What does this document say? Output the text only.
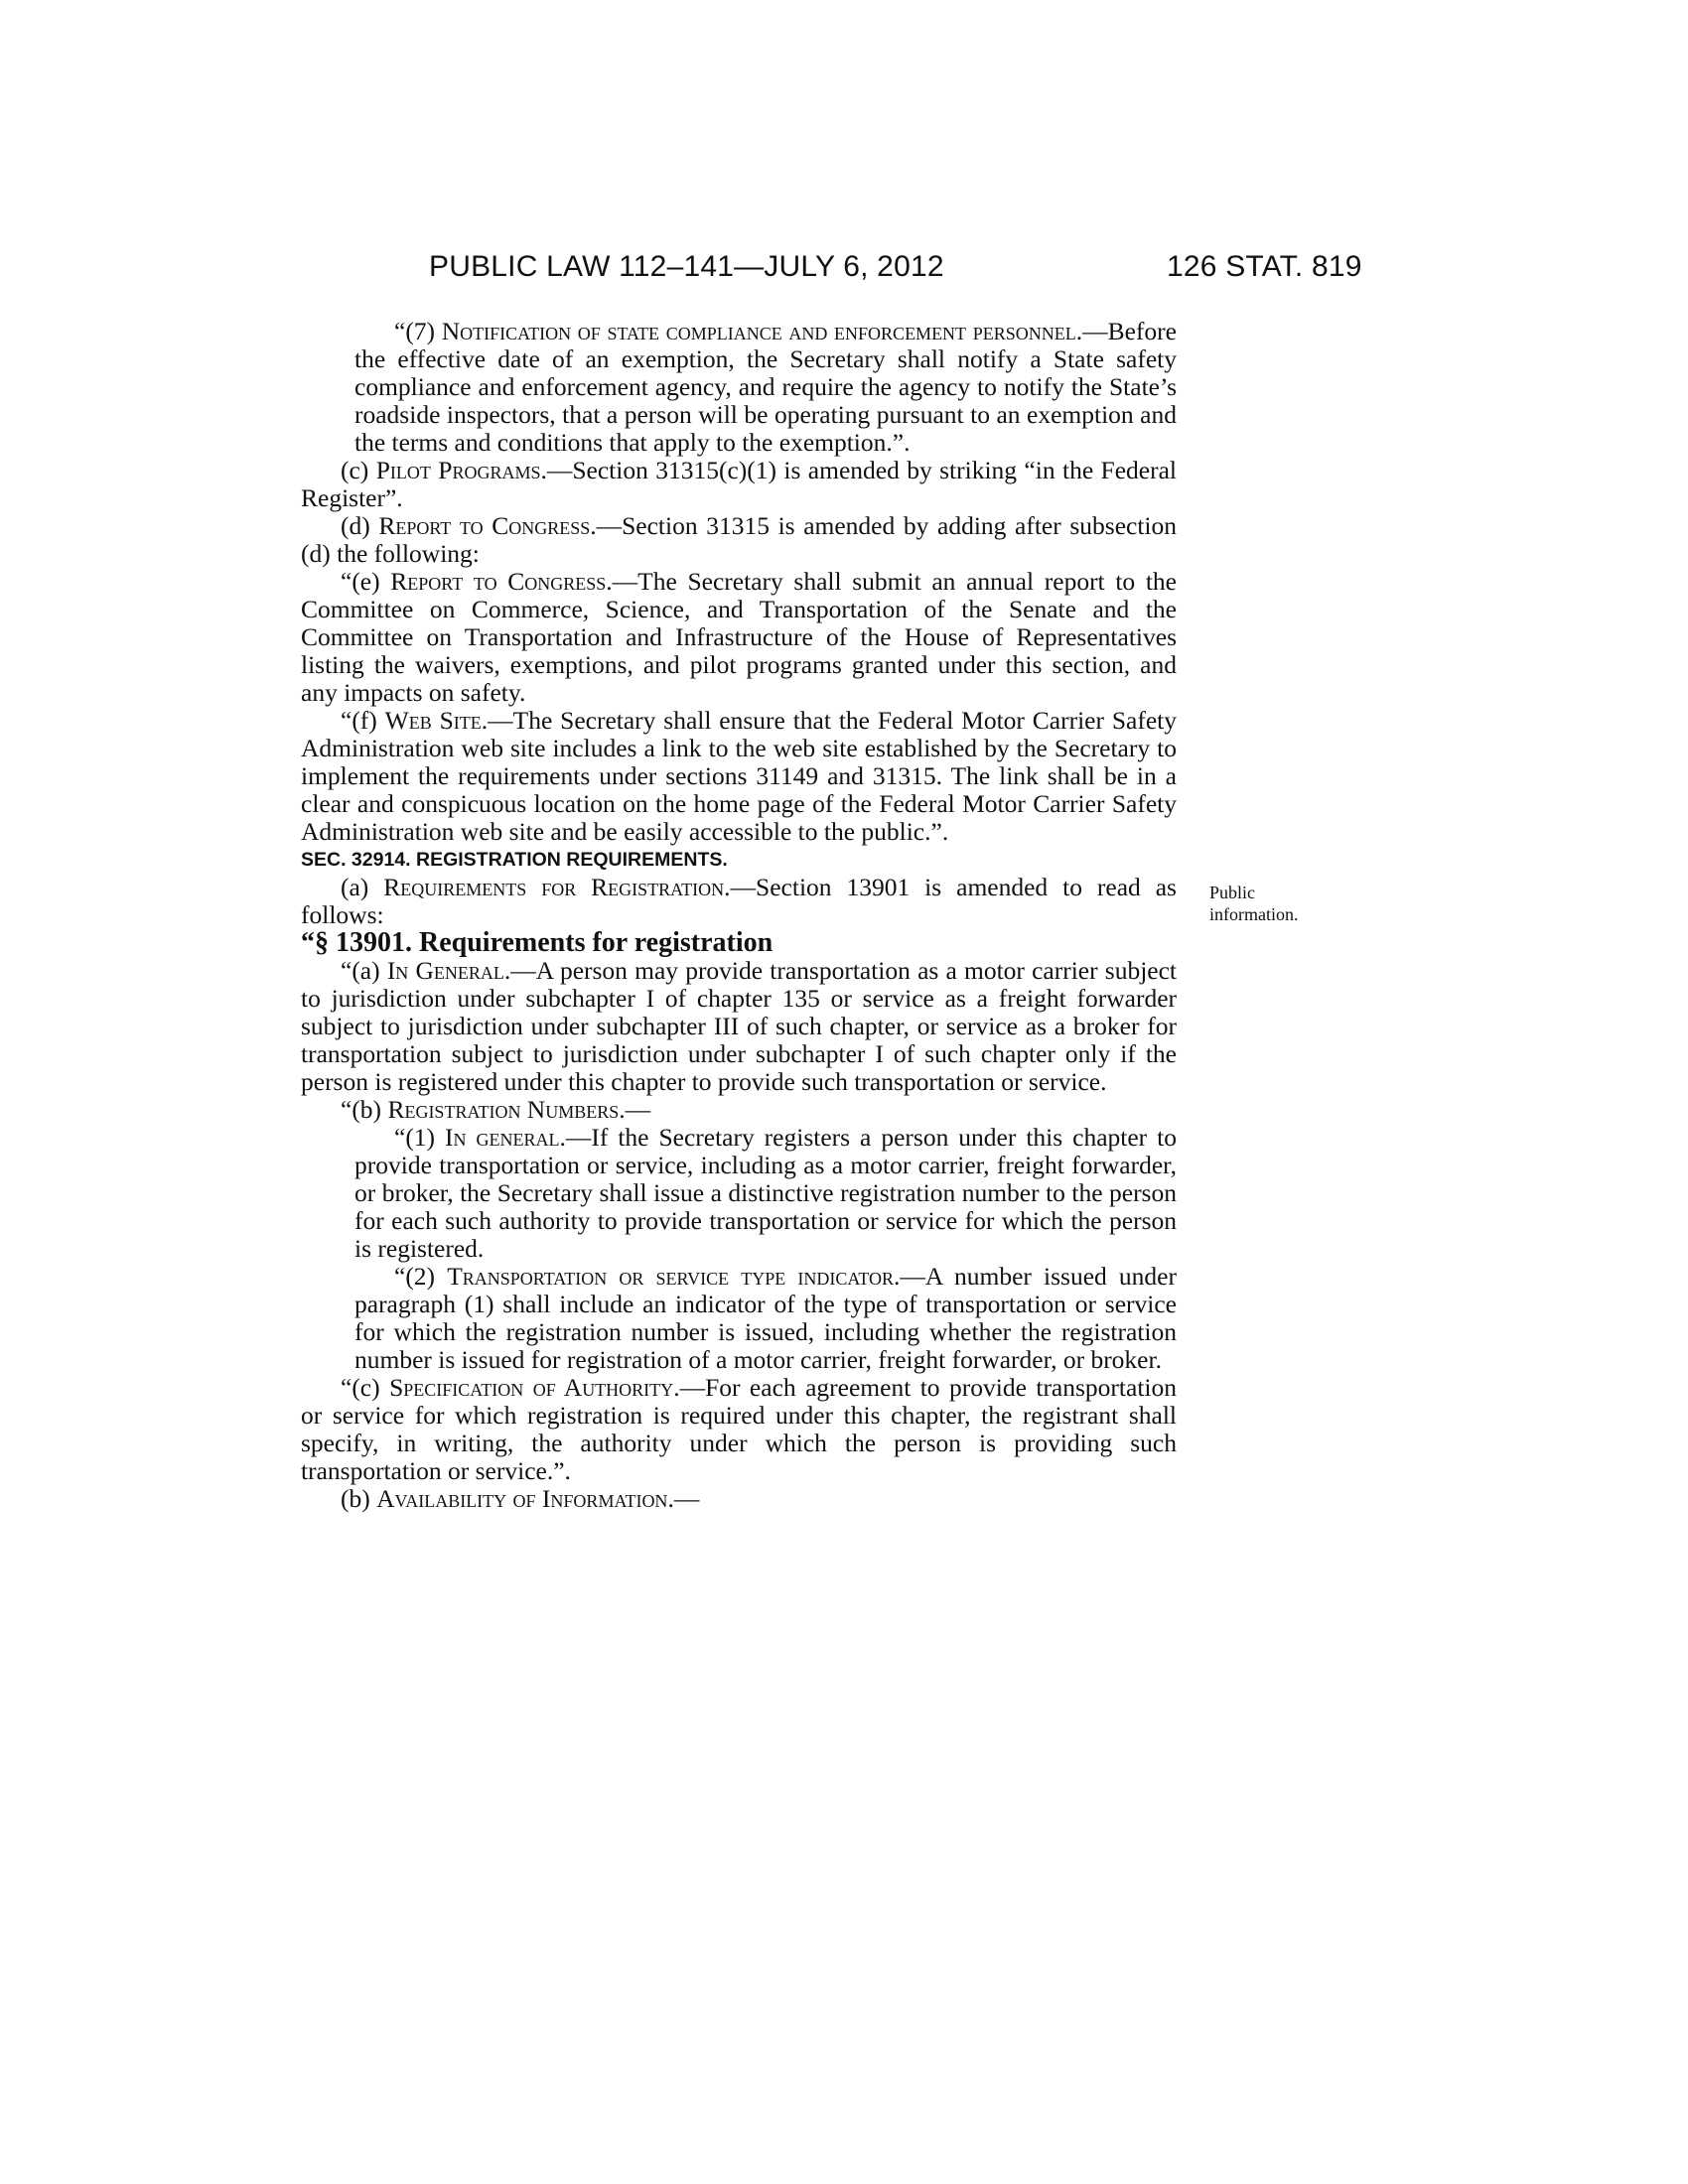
PUBLIC LAW 112–141—JULY 6, 2012	126 STAT. 819

“(7) Notification of state compliance and enforcement personnel.—Before the effective date of an exemption, the Secretary shall notify a State safety compliance and enforcement agency, and require the agency to notify the State’s roadside inspectors, that a person will be operating pursuant to an exemption and the terms and conditions that apply to the exemption.”.

(c) Pilot Programs.—Section 31315(c)(1) is amended by striking “in the Federal Register”.

(d) Report to Congress.—Section 31315 is amended by adding after subsection (d) the following:

“(e) Report to Congress.—The Secretary shall submit an annual report to the Committee on Commerce, Science, and Transportation of the Senate and the Committee on Transportation and Infrastructure of the House of Representatives listing the waivers, exemptions, and pilot programs granted under this section, and any impacts on safety.

“(f) Web Site.—The Secretary shall ensure that the Federal Motor Carrier Safety Administration web site includes a link to the web site established by the Secretary to implement the requirements under sections 31149 and 31315. The link shall be in a clear and conspicuous location on the home page of the Federal Motor Carrier Safety Administration web site and be easily accessible to the public.”.

SEC. 32914. REGISTRATION REQUIREMENTS.

(a) Requirements for Registration.—Section 13901 is amended to read as follows:

“§ 13901. Requirements for registration

“(a) In General.—A person may provide transportation as a motor carrier subject to jurisdiction under subchapter I of chapter 135 or service as a freight forwarder subject to jurisdiction under subchapter III of such chapter, or service as a broker for transportation subject to jurisdiction under subchapter I of such chapter only if the person is registered under this chapter to provide such transportation or service.

“(b) Registration Numbers.—

“(1) In general.—If the Secretary registers a person under this chapter to provide transportation or service, including as a motor carrier, freight forwarder, or broker, the Secretary shall issue a distinctive registration number to the person for each such authority to provide transportation or service for which the person is registered.

“(2) Transportation or service type indicator.—A number issued under paragraph (1) shall include an indicator of the type of transportation or service for which the registration number is issued, including whether the registration number is issued for registration of a motor carrier, freight forwarder, or broker.

“(c) Specification of Authority.—For each agreement to provide transportation or service for which registration is required under this chapter, the registrant shall specify, in writing, the authority under which the person is providing such transportation or service.”.

(b) Availability of Information.—

Public
information.
